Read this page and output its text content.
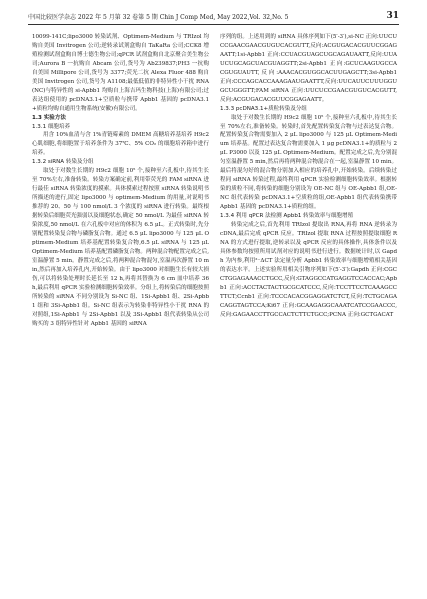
中国比较医学杂志 2022 年 5 月第 32 卷第 5 期 Chin J Comp Med, May 2022,Vol. 32,No. 5	31
10099-141C;lipo3000 转染试剂、Optimem-Medium 与 TRIzol 均购自美国 Invitrogen 公司;逆转录试剂盒购自 TaKaRa 公司;CCK8 增殖检测试剂盒购自博士德生物公司;qPCR 试剂盒购自北京聚合美生物公司;Aurora B 一抗购自 Abcam 公司,货号为 Ab239837;PH3 一抗购自美国 Millipore 公司,货号为 3377;荧光二抗 Alexa Fluor 488 购自美国 Invitrogen 公司,货号为 A1108;最低低值的非特异性小干扰 RNA(NC)与特异性的 si-Apbb1 均购自上海吉玛生物科技(上海)有限公司;过表达组使用的 pcDNA3.1+空质粒与携带 Apbb1 基因的 pcDNA3.1+质粒均购自通用生物系统(安徽)有限公司。
1.3 实验方法
1.3.1 细胞培养
用含 10%血清与含 1%青链霉素的 DMEM 高糖培养基培养 H9c2 心肌细胞,将细胞置于培养条件为 37℃、5% CO₂ 的细胞培养箱中进行培养。
1.3.2 siRNA 转染及分组
取处于对数生长期的 H9c2 细胞 10⁵ 个,接种至六孔板中,待其生长至 70%左右,准备转染。转染方案确定前,利用带荧光的 FAM siRNA 进行最佳 siRNA 转染浓度的摸索。具体摸索过程按照 siRNA 转染说明书所描述的进行,固定 lipo3000 与 optimem-Medium 的用量,对说明书推荐的 20、50 与 100 nmol/L 3 个浓度的 siRNA 进行转染。最终根据转染后细胞荧光强弱以及细胞状态,确定 50 nmol/L 为最佳 siRNA 转染浓度,50 nmol/L 在六孔板中对应的体积为 6.5 μL。正式转染时,先分别配置转染复合物与磷脂复合物。通过 6.5 μL lipo3000 与 125 μL Optimem-Medium 培养基配置转染复合物,6.5 μL siRNA 与 125 μL Optimem-Medium 培养基配置磷脂复合物。两种混合物配置完成之后,室温静置 5 min。静置完成之后,将两种混合物混匀,室温再次静置 10 min,然后再加入培养孔内,开始转染。由于 lipo3000 对细胞生长有较大损伤,可以将转染处理时长延长至 12 h,再将其替换为 6 cm 皿中培养 36 h,最后利用 qPCR 实验检测细胞转染效率。分组上,将转染后的细胞按照所转染的 siRNA 不同分别设为 Si-NC 组、1Si-Apbb1 组、2Si-Apbb1 组和 3Si-Apbb1 组。Si-NC 组表示为转染非特异性小干扰 RNA 的对照组,1Si-Apbb1 与 2Si-Apbb1 以及 3Si-Apbb1 组代表转染从公司购买的 3 组特异性针对 Apbb1 基因的 siRNA
序列的组。上述用到的 siRNA 具体序列如下(5′-3′),si-NC 正向:UUCUCCGAACGAACGUGUCACGUTT,反向:ACGUGACACGUUCGGAGAATT;1si-Apbb1 正向:CCUACGUAGCUGCAGAUAATT,反向:UUAUCUGCAGCUACGUAGGTT;2si-Apbb1 正向:GCUCAAGUGCCACGUGUAUTT,反向:AAACACGUGGCACUUGAGCTT;3si-Apbb1 正向:CCCAGCACCAAAGAAUGAATTT,反向:UUCAUUCUUUGGUGCUGGGTT;FAM siRNA 正向:UUCUCCGAACGUGUCACGUTT,反向:ACGUGACACGUUCGGAGAATT。
1.3.3 pcDNA3.1+质粒转染及分组
取处于对数生长期的 H9c2 细胞 10⁵ 个,接种至六孔板中,待其生长至 70%左右,准备转染。转染时,首先配置转染复合物与过表达复合物。配置转染复合物需要加入 2 μL lipo3000 与 125 μL Optimem-Medium 培养基。配置过表达复合物需要加入 1 μg pcDNA3.1+的质粒与 2 μL P3000 以及 125 μL Optimem-Medium。配置完成之后,先分别混匀室温静置 5 min,然后再将两种混合物混合在一起,室温静置 10 min。最后将混匀好的混合物分别加入相应的培养孔中,开始转染。后续转染过程同 siRNA 转染过程,最终利用 qPCR 实验检测细胞转染效率。根据转染的质粒不同,将转染的细胞分别设为 OE-NC 组与 OE-Apbb1 组,OE-NC 组代表转染 pcDNA3.1+空质粒的组,OE-Apbb1 组代表转染携带 Apbb1 基因的 pcDNA3.1+质粒的组。
1.3.4 利用 qPCR 法检测 Apbb1 转染效率与细胞增殖
转染完成之后,首先利用 TRIzol 提取出 RNA,再将 RNA 逆转录为 cDNA,最后完成 qPCR 反应。TRIzol 提取 RNA 过程按照提取细胞 RNA 的方式进行提取,逆转录以及 qPCR 反应的具体操作,具体条件以及具体参数均按照所用试剂对应的说明书进行进行。数据统计时,以 Gapdh 为内参,利用²⁻ΔCT 法定量分析 Apbb1 转染效率与细胞增殖相关基因的表达水平。上述实验所用相关引物序列如下(5′-3′):Gapdh 正向:CGCCTGGAGAAACCTGCC,反向:GTAGGCCATGAGGTCCACCAC;Apbb1 正向:ACCTACTACTGCGCATCCC,反向:TCCTTCCTCAAAGCCTTCT;Ccnb1 正向:TCCCACACGGAGGATCTCT,反向:TCTGCAGACAGGTAGTCCA;Ki67 正向:GCAAGAGGCAAATCATCCGAACCC,反向:GAGAACCTTGCCACTCTTCTGCC;PCNA 正向:GCTGACAT
